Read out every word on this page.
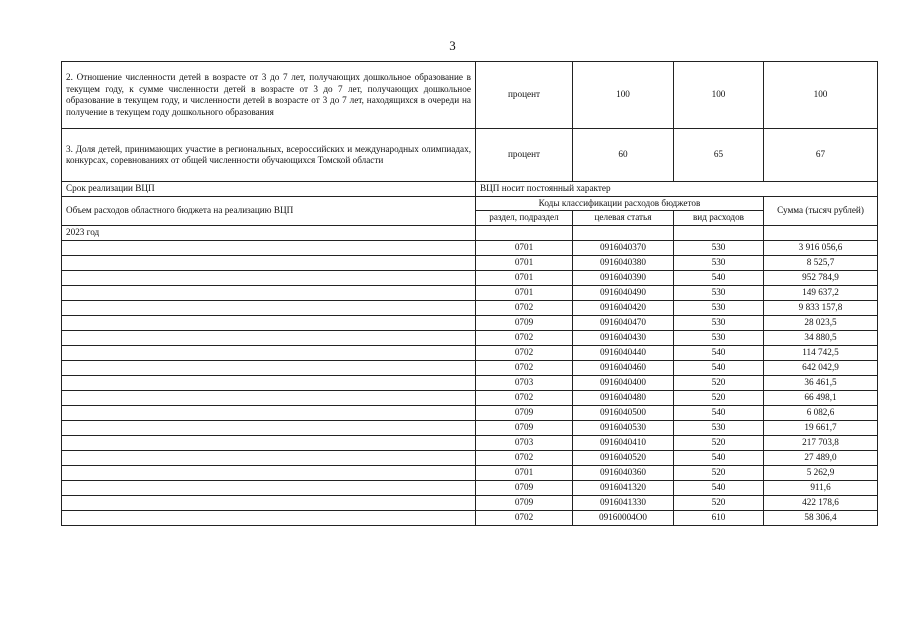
3
2. Отношение численности детей в возрасте от 3 до 7 лет, получающих дошкольное образование в текущем году, к сумме численности детей в возрасте от 3 до 7 лет, получающих дошкольное образование в текущем году, и численности детей в возрасте от 3 до 7 лет, находящихся в очереди на получение в текущем году дошкольного образования	процент	100	100	100
3. Доля детей, принимающих участие в региональных, всероссийских и международных олимпиадах, конкурсах, соревнованиях от общей численности обучающихся Томской области	процент	60	65	67
Срок реализации ВЦП	ВЦП носит постоянный характер			
Объем расходов областного бюджета на реализацию ВЦП	Коды классификации расходов бюджетов			Сумма (тысяч рублей)
	раздел, подраздел	целевая статья	вид расходов	
2023 год				
	0701	0916040370	530	3 916 056,6
	0701	0916040380	530	8 525,7
	0701	0916040390	540	952 784,9
	0701	0916040490	530	149 637,2
	0702	0916040420	530	9 833 157,8
	0709	0916040470	530	28 023,5
	0702	0916040430	530	34 880,5
	0702	0916040440	540	114 742,5
	0702	0916040460	540	642 042,9
	0703	0916040400	520	36 461,5
	0702	0916040480	520	66 498,1
	0709	0916040500	540	6 082,6
	0709	0916040530	530	19 661,7
	0703	0916040410	520	217 703,8
	0702	0916040520	540	27 489,0
	0701	0916040360	520	5 262,9
	0709	0916041320	540	911,6
	0709	0916041330	520	422 178,6
	0702	09160004O0	610	58 306,4
